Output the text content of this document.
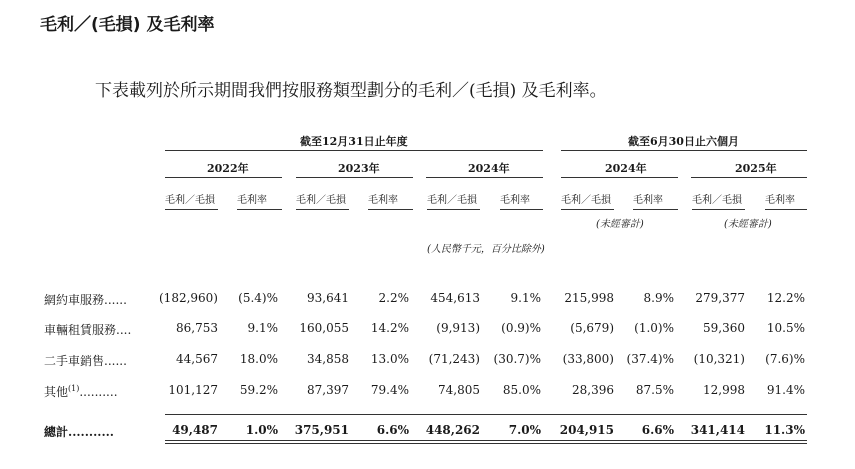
毛利／(毛損) 及毛利率
下表載列於所示期間我們按服務類型劃分的毛利／(毛損) 及毛利率。
截至12月31日止年度	截至6月30日止六個月
2022年	2023年	2024年	2024年	2025年
毛利／毛損 毛利率	毛利／毛損 毛利率	毛利／毛損 毛利率	毛利／毛損 毛利率	毛利／毛損 毛利率
(未經審計)	(未經審計)
(人民幣千元，百分比除外)
網約車服務......	(182,960) (5.4)% 93,641 2.2% 454,613	9.1% 215,998 8.9% 279,377 12.2%
車輛租賃服務....	86,753 9.1% 160,055 14.2% (9,913) (0.9)% (5,679) (1.0)% 59,360 10.5%
二手車銷售......	44,567 18.0% 34,858 13.0% (71,243) (30.7)% (33,800) (37.4)% (10,321) (7.6)%
其他$^{(1)}$..........	101,127 59.2% 87,397 79.4% 74,805 85.0%	28,396 87.5% 12,998 91.4%
總計...........	49,487 1.0% 375,951 6.6% 448,262 7.0% 204,915 6.6% 341,414 11.3%
